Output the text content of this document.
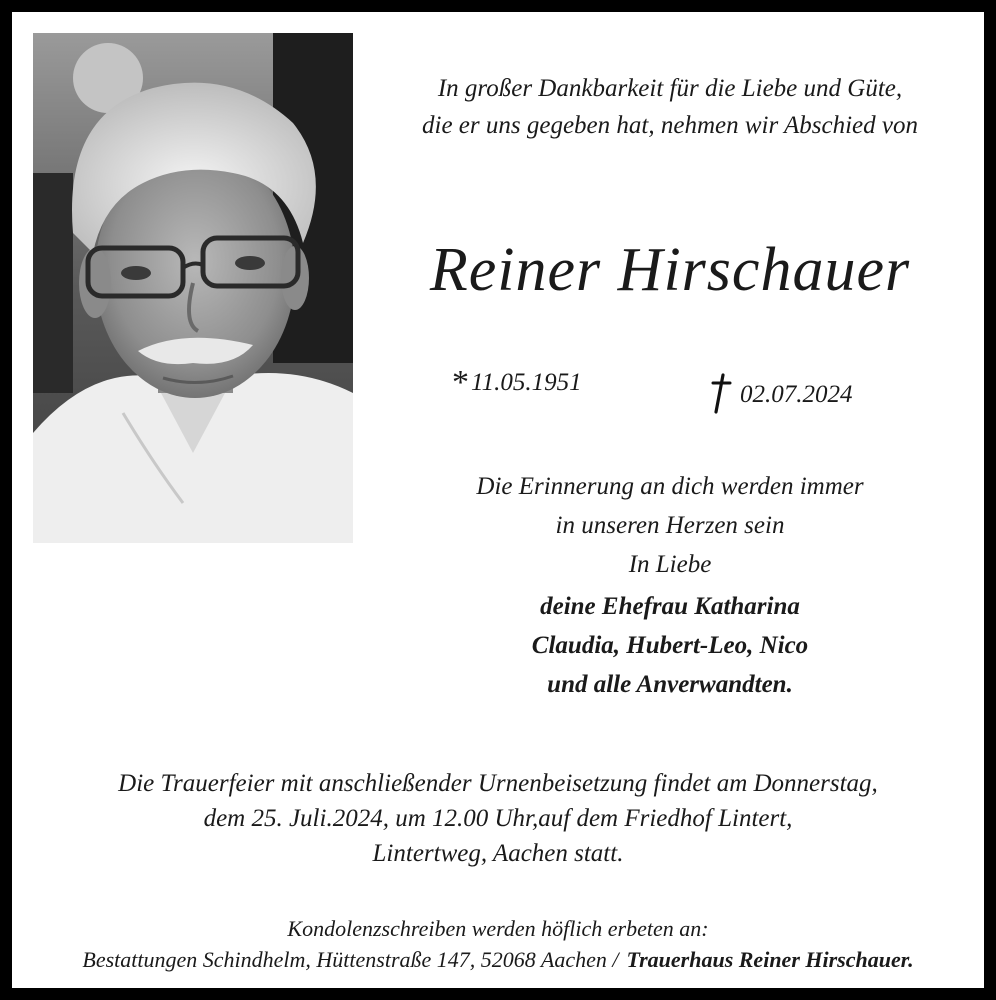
In großer Dankbarkeit für die Liebe und Güte,
die er uns gegeben hat, nehmen wir Abschied von
Reiner Hirschauer
*11.05.1951	02.07.2024
Die Erinnerung an dich werden immer
in unseren Herzen sein
In Liebe
deine Ehefrau Katharina
Claudia, Hubert-Leo, Nico
und alle Anverwandten.
Die Trauerfeier mit anschließender Urnenbeisetzung findet am Donnerstag,
dem 25. Juli.2024, um 12.00 Uhr,auf dem Friedhof Lintert,
Lintertweg, Aachen statt.
Kondolenzschreiben werden höflich erbeten an:
Bestattungen Schindhelm, Hüttenstraße 147, 52068 Aachen / Trauerhaus Reiner Hirschauer.
